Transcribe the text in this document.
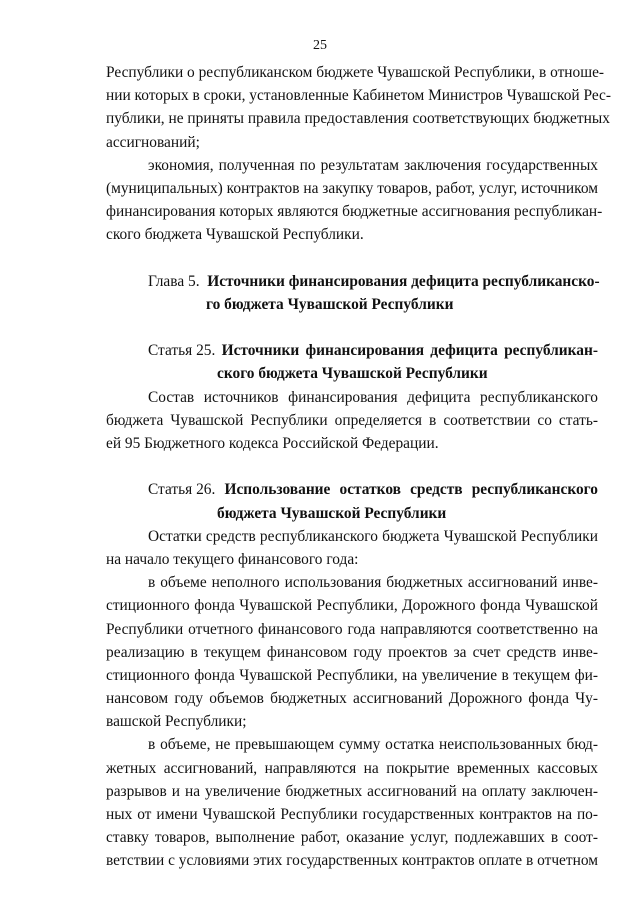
25
Республики о республиканском бюджете Чувашской Республики, в отноше-
нии которых в сроки, установленные Кабинетом Министров Чувашской Рес-
публики, не приняты правила предоставления соответствующих бюджетных
ассигнований;
экономия, полученная по результатам заключения государственных
(муниципальных) контрактов на закупку товаров, работ, услуг, источником
финансирования которых являются бюджетные ассигнования республикан-
ского бюджета Чувашской Республики.
Глава 5. Источники финансирования дефицита республиканско-
го бюджета Чувашской Республики
Статья 25. Источники финансирования дефицита республикан-
ского бюджета Чувашской Республики
Состав источников финансирования дефицита республиканского
бюджета Чувашской Республики определяется в соответствии со стать-
ей 95 Бюджетного кодекса Российской Федерации.
Статья 26. Использование остатков средств республиканского
бюджета Чувашской Республики
Остатки средств республиканского бюджета Чувашской Республики
на начало текущего финансового года:
в объеме неполного использования бюджетных ассигнований инве-
стиционного фонда Чувашской Республики, Дорожного фонда Чувашской
Республики отчетного финансового года направляются соответственно на
реализацию в текущем финансовом году проектов за счет средств инве-
стиционного фонда Чувашской Республики, на увеличение в текущем фи-
нансовом году объемов бюджетных ассигнований Дорожного фонда Чу-
вашской Республики;
в объеме, не превышающем сумму остатка неиспользованных бюд-
жетных ассигнований, направляются на покрытие временных кассовых
разрывов и на увеличение бюджетных ассигнований на оплату заключен-
ных от имени Чувашской Республики государственных контрактов на по-
ставку товаров, выполнение работ, оказание услуг, подлежавших в соот-
ветствии с условиями этих государственных контрактов оплате в отчетном
